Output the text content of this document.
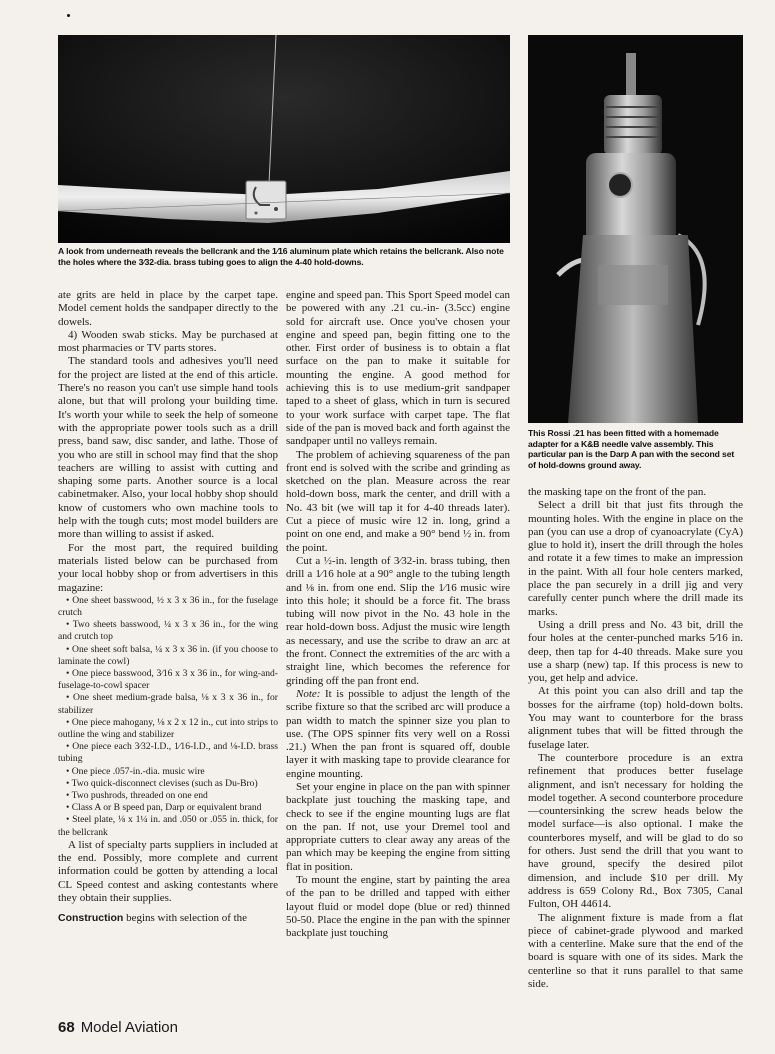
A look from underneath reveals the bellcrank and the 1⁄16 aluminum plate which retains the bellcrank. Also note the holes where the 3⁄32-dia. brass tubing goes to align the 4-40 hold-downs.
This Rossi .21 has been fitted with a homemade adapter for a K&B needle valve assembly. This particular pan is the Darp A pan with the second set of hold-downs ground away.

ate grits are held in place by the carpet tape. Model cement holds the sandpaper directly to the dowels.

4) Wooden swab sticks. May be purchased at most pharmacies or TV parts stores.

The standard tools and adhesives you'll need for the project are listed at the end of this article. There's no reason you can't use simple hand tools alone, but that will prolong your building time. It's worth your while to seek the help of someone with the appropriate power tools such as a drill press, band saw, disc sander, and lathe. Those of you who are still in school may find that the shop teachers are willing to assist with cutting and shaping some parts. Another source is a local cabinetmaker. Also, your local hobby shop should know of customers who own machine tools to help with the tough cuts; most model builders are more than willing to assist if asked.

For the most part, the required building materials listed below can be purchased from your local hobby shop or from advertisers in this magazine:

• One sheet basswood, ½ x 3 x 36 in., for the fuselage crutch

• Two sheets basswood, ¼ x 3 x 36 in., for the wing and crutch top

• One sheet soft balsa, ¼ x 3 x 36 in. (if you choose to laminate the cowl)

• One piece basswood, 3⁄16 x 3 x 36 in., for wing-and-fuselage-to-cowl spacer

• One sheet medium-grade balsa, ⅛ x 3 x 36 in., for stabilizer

• One piece mahogany, ⅛ x 2 x 12 in., cut into strips to outline the wing and stabilizer

• One piece each 3⁄32-I.D., 1⁄16-I.D., and ⅛-I.D. brass tubing

• One piece .057-in.-dia. music wire

• Two quick-disconnect clevises (such as Du-Bro)

• Two pushrods, threaded on one end

• Class A or B speed pan, Darp or equivalent brand

• Steel plate, ⅛ x 1¼ in. and .050 or .055 in. thick, for the bellcrank

A list of specialty parts suppliers in included at the end. Possibly, more complete and current information could be gotten by attending a local CL Speed contest and asking contestants where they obtain their supplies.

Construction begins with selection of the

engine and speed pan. This Sport Speed model can be powered with any .21 cu.-in- (3.5cc) engine sold for aircraft use. Once you've chosen your engine and speed pan, begin fitting one to the other. First order of business is to obtain a flat surface on the pan to make it suitable for mounting the engine. A good method for achieving this is to use medium-grit sandpaper taped to a sheet of glass, which in turn is secured to your work surface with carpet tape. The flat side of the pan is moved back and forth against the sandpaper until no valleys remain.

The problem of achieving squareness of the pan front end is solved with the scribe and grinding as sketched on the plan. Measure across the rear hold-down boss, mark the center, and drill with a No. 43 bit (we will tap it for 4-40 threads later). Cut a piece of music wire 12 in. long, grind a point on one end, and make a 90° bend ½ in. from the point.

Cut a ½-in. length of 3⁄32-in. brass tubing, then drill a 1⁄16 hole at a 90° angle to the tubing length and ⅛ in. from one end. Slip the 1⁄16 music wire into this hole; it should be a force fit. The brass tubing will now pivot in the No. 43 hole in the rear hold-down boss. Adjust the music wire length as necessary, and use the scribe to draw an arc at the front. Connect the extremities of the arc with a straight line, which becomes the reference for grinding off the pan front end.

Note: It is possible to adjust the length of the scribe fixture so that the scribed arc will produce a pan width to match the spinner size you plan to use. (The OPS spinner fits very well on a Rossi .21.) When the pan front is squared off, double layer it with masking tape to provide clearance for engine mounting.

Set your engine in place on the pan with spinner backplate just touching the masking tape, and check to see if the engine mounting lugs are flat on the pan. If not, use your Dremel tool and appropriate cutters to clear away any areas of the pan which may be keeping the engine from sitting flat in position.

To mount the engine, start by painting the area of the pan to be drilled and tapped with either layout fluid or model dope (blue or red) thinned 50-50. Place the engine in the pan with the spinner backplate just touching

the masking tape on the front of the pan.

Select a drill bit that just fits through the mounting holes. With the engine in place on the pan (you can use a drop of cyanoacrylate (CyA) glue to hold it), insert the drill through the holes and rotate it a few times to make an impression in the paint. With all four hole centers marked, place the pan securely in a drill jig and very carefully center punch where the drill made its marks.

Using a drill press and No. 43 bit, drill the four holes at the center-punched marks 5⁄16 in. deep, then tap for 4-40 threads. Make sure you use a sharp (new) tap. If this process is new to you, get help and advice.

At this point you can also drill and tap the bosses for the airframe (top) hold-down bolts. You may want to counterbore for the brass alignment tubes that will be fitted through the fuselage later.

The counterbore procedure is an extra refinement that produces better fuselage alignment, and isn't necessary for holding the model together. A second counterbore procedure—countersinking the screw heads below the model surface—is also optional. I make the counterbores myself, and will be glad to do so for others. Just send the drill that you want to have ground, specify the desired pilot dimension, and include $10 per drill. My address is 659 Colony Rd., Box 7305, Canal Fulton, OH 44614.

The alignment fixture is made from a flat piece of cabinet-grade plywood and marked with a centerline. Make sure that the end of the board is square with one of its sides. Mark the centerline so that it runs parallel to that same side.

68 Model Aviation
